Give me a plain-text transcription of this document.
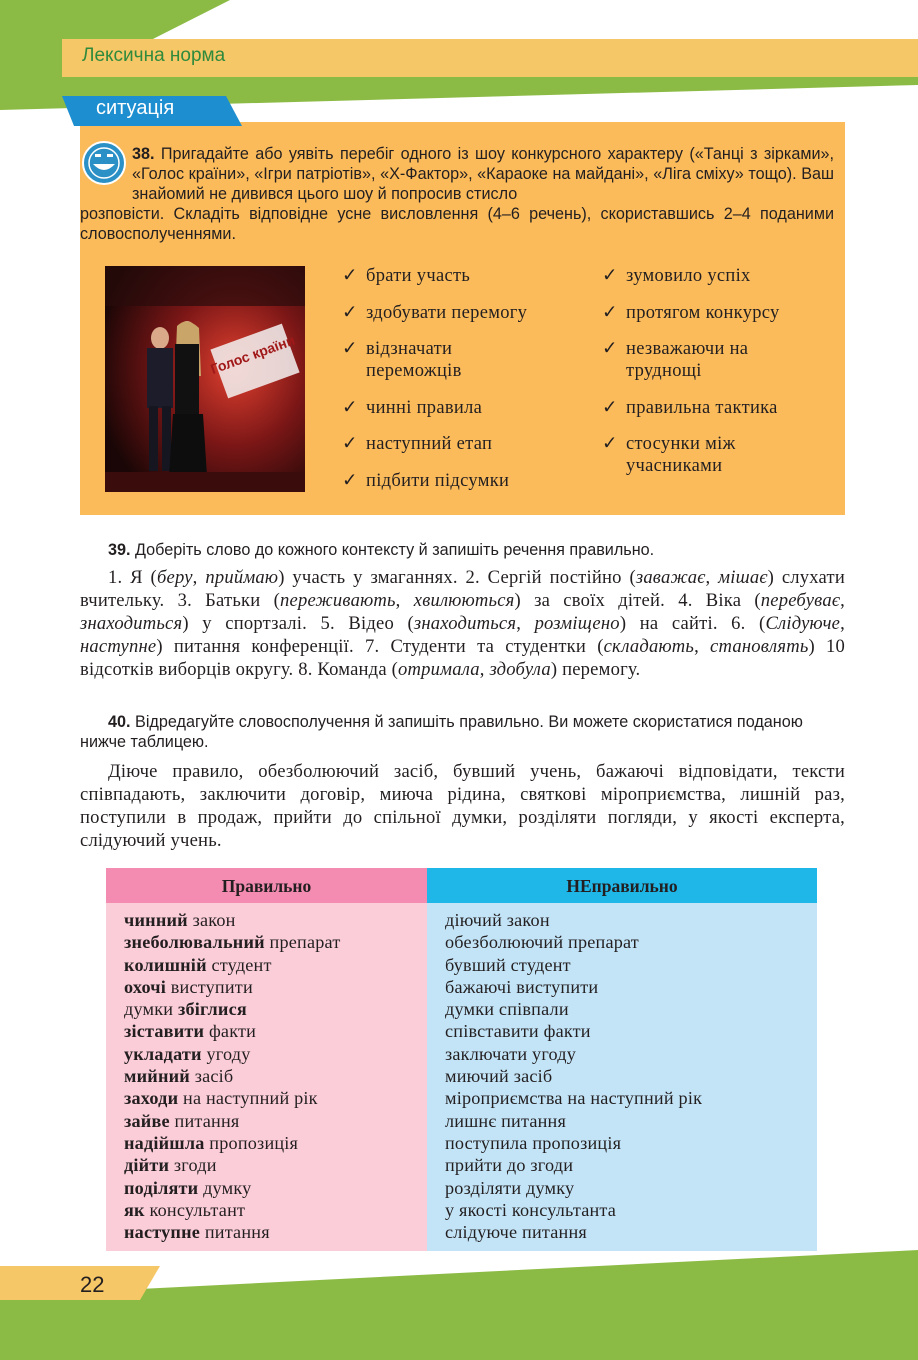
Лексична норма
ситуація
38. Пригадайте або уявіть перебіг одного із шоу конкурсного характеру («Танці з зірками», «Голос країни», «Ігри патріотів», «Х-Фактор», «Караоке на майдані», «Ліга сміху» тощо). Ваш знайомий не дивився цього шоу й попросив стисло
розповісти. Складіть відповідне усне висловлення (4–6 речень), скориставшись 2–4 поданими словосполученнями.
Голос країни
✓ брати участь
✓ здобувати перемогу
✓ відзначати переможців
✓ чинні правила
✓ наступний етап
✓ підбити підсумки
✓ зумовило успіх
✓ протягом конкурсу
✓ незважаючи на труднощі
✓ правильна тактика
✓ стосунки між учасниками
39. Доберіть слово до кожного контексту й запишіть речення правильно.
1. Я (беру, приймаю) участь у змаганнях. 2. Сергій постійно (заважає, мішає) слухати вчительку. 3. Батьки (переживають, хвилюються) за своїх дітей. 4. Віка (перебуває, знаходиться) у спортзалі. 5. Відео (знаходиться, розміщено) на сайті. 6. (Слідуюче, наступне) питання конференції. 7. Студенти та студентки (складають, становлять) 10 відсотків виборців округу. 8. Команда (отримала, здобула) перемогу.
40. Відредагуйте словосполучення й запишіть правильно. Ви можете скористатися поданою нижче таблицею.
Діюче правило, обезболюючий засіб, бувший учень, бажаючі відповідати, тексти співпадають, заключити договір, миюча рідина, святкові міроприємства, лишній раз, поступили в продаж, прийти до спільної думки, розділяти погляди, у якості експерта, слідуючий учень.
Правильно	НЕправильно
чинний закон
знеболювальний препарат
колишній студент
охочі виступити
думки збіглися
зіставити факти
укладати угоду
мийний засіб
заходи на наступний рік
зайве питання
надійшла пропозиція
дійти згоди
поділяти думку
як консультант
наступне питання
діючий закон
обезболюючий препарат
бувший студент
бажаючі виступити
думки співпали
співставити факти
заключати угоду
миючий засіб
міроприємства на наступний рік
лишнє питання
поступила пропозиція
прийти до згоди
розділяти думку
у якості консультанта
слідуюче питання
22
